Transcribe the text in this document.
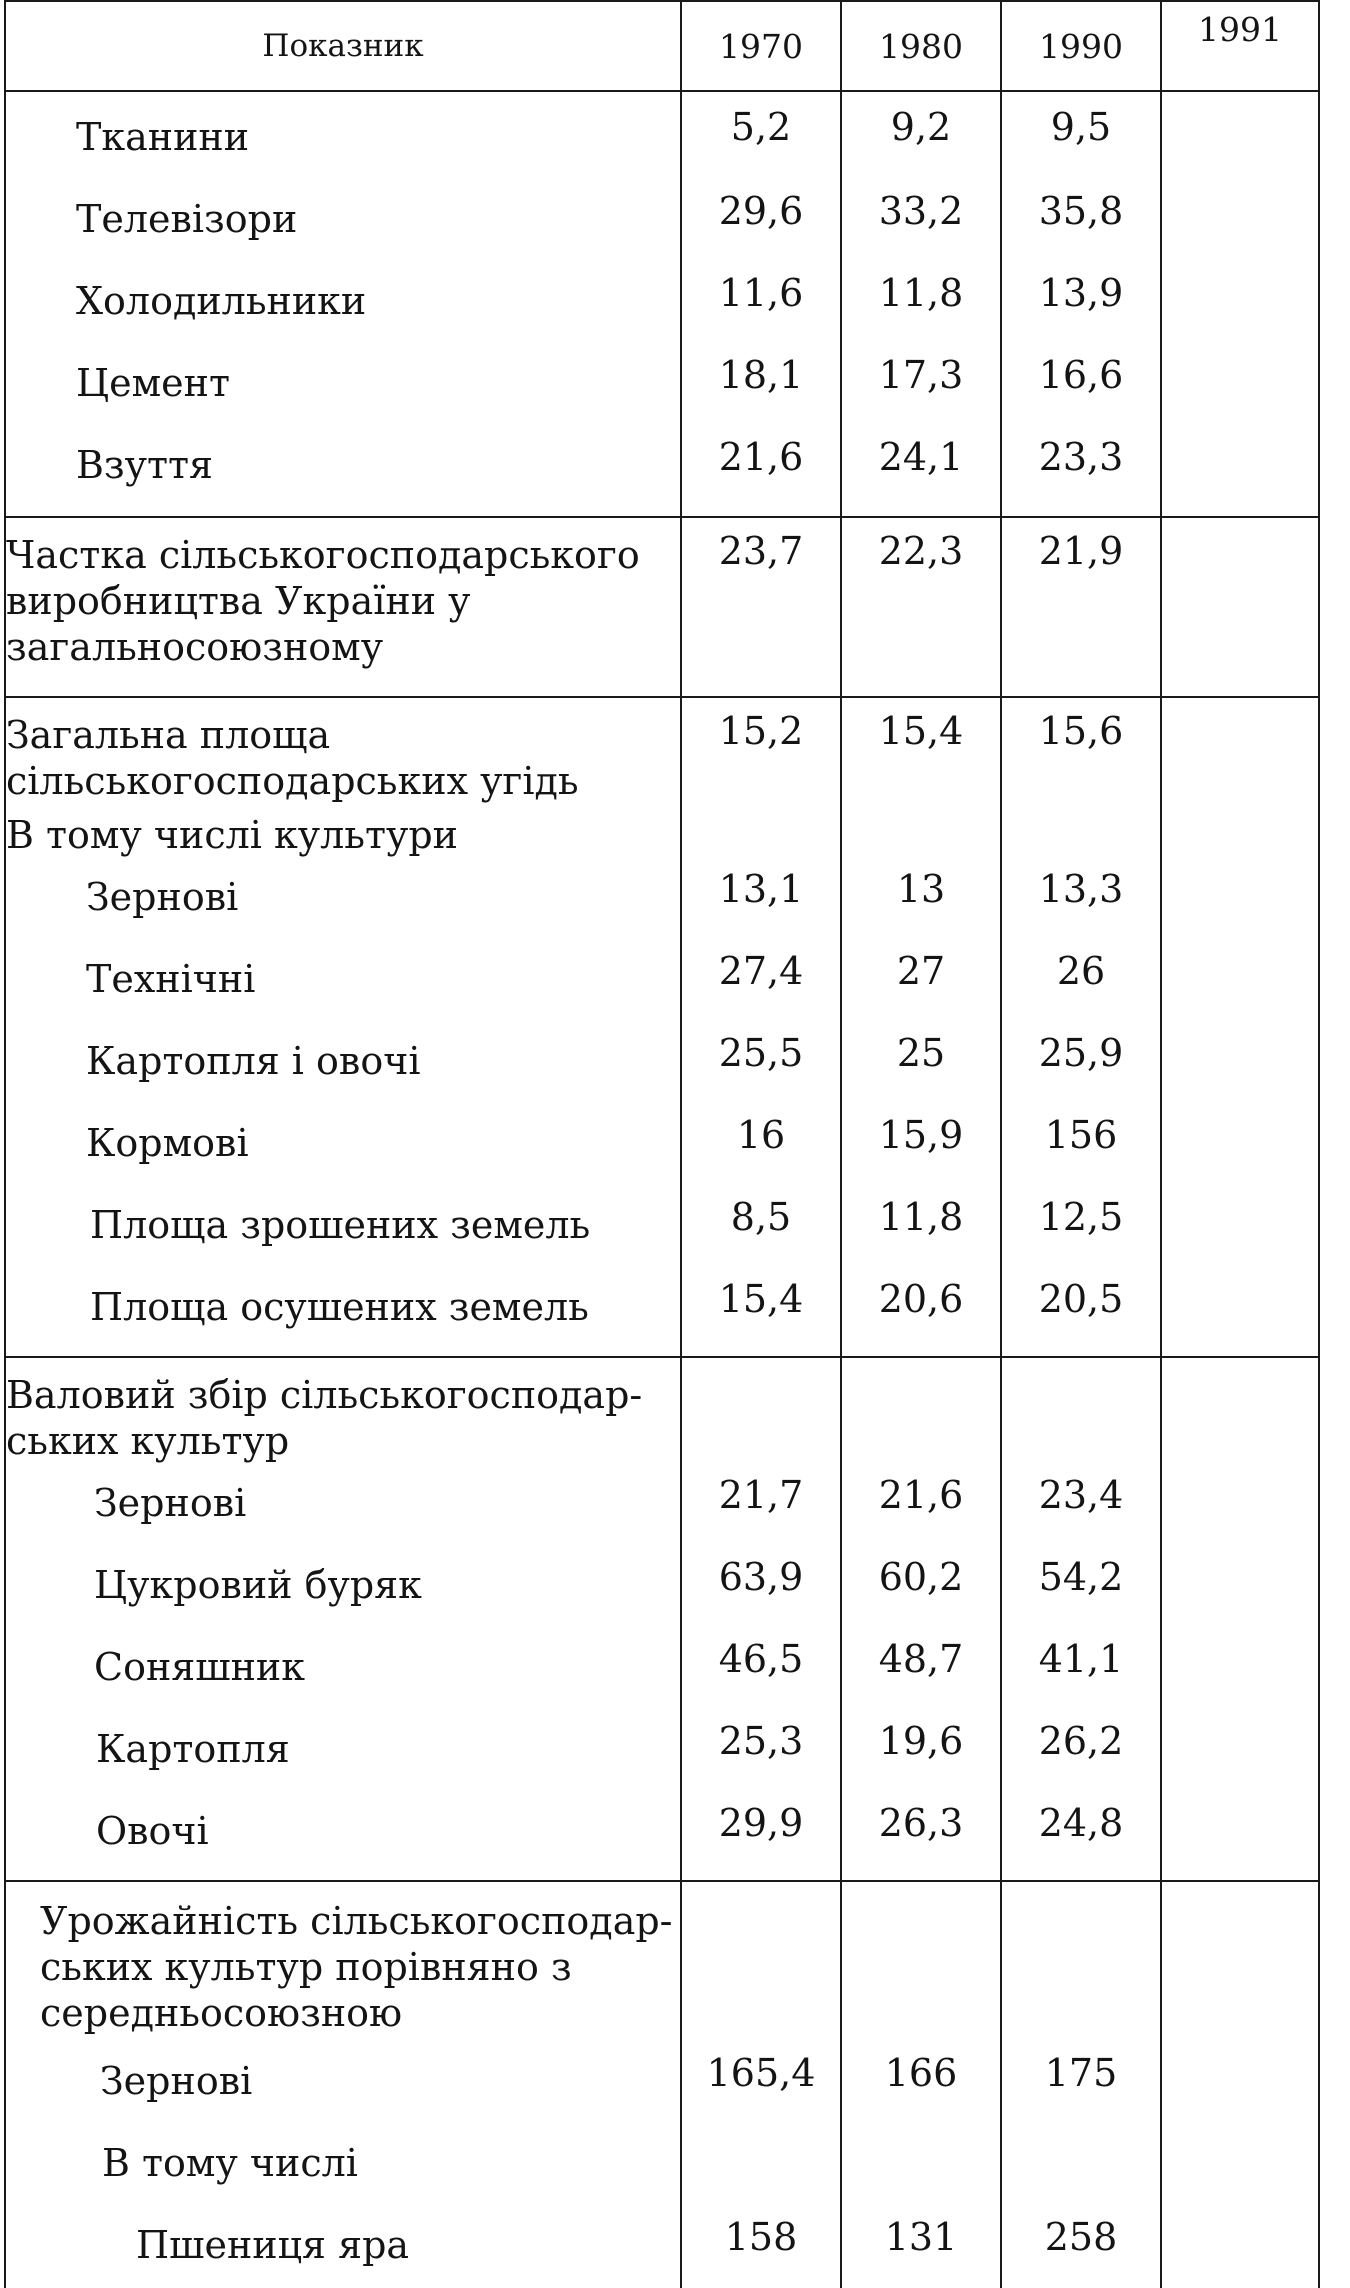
Показник	1970	1980	1990	1991
Тканини	5,2	9,2	9,5	
Телевізори	29,6	33,2	35,8	
Холодильники	11,6	11,8	13,9	
Цемент	18,1	17,3	16,6	
Взуття	21,6	24,1	23,3	
Частка сільськогосподарського виробництва України у загальносоюзному	23,7	22,3	21,9	
Загальна площа сільськогосподарських угідь	15,2	15,4	15,6	
В тому числі культури				
Зернові	13,1	13	13,3	
Технічні	27,4	27	26	
Картопля і овочі	25,5	25	25,9	
Кормові	16	15,9	156	
Площа зрошених земель	8,5	11,8	12,5	
Площа осушених земель	15,4	20,6	20,5	
Валовий збір сільськогосподар-ських культур				
Зернові	21,7	21,6	23,4	
Цукровий буряк	63,9	60,2	54,2	
Соняшник	46,5	48,7	41,1	
Картопля	25,3	19,6	26,2	
Овочі	29,9	26,3	24,8	
Урожайність сільськогосподар-ських культур порівняно з середньосоюзною				
Зернові	165,4	166	175	
В тому числі				
Пшениця яра	158	131	258	
